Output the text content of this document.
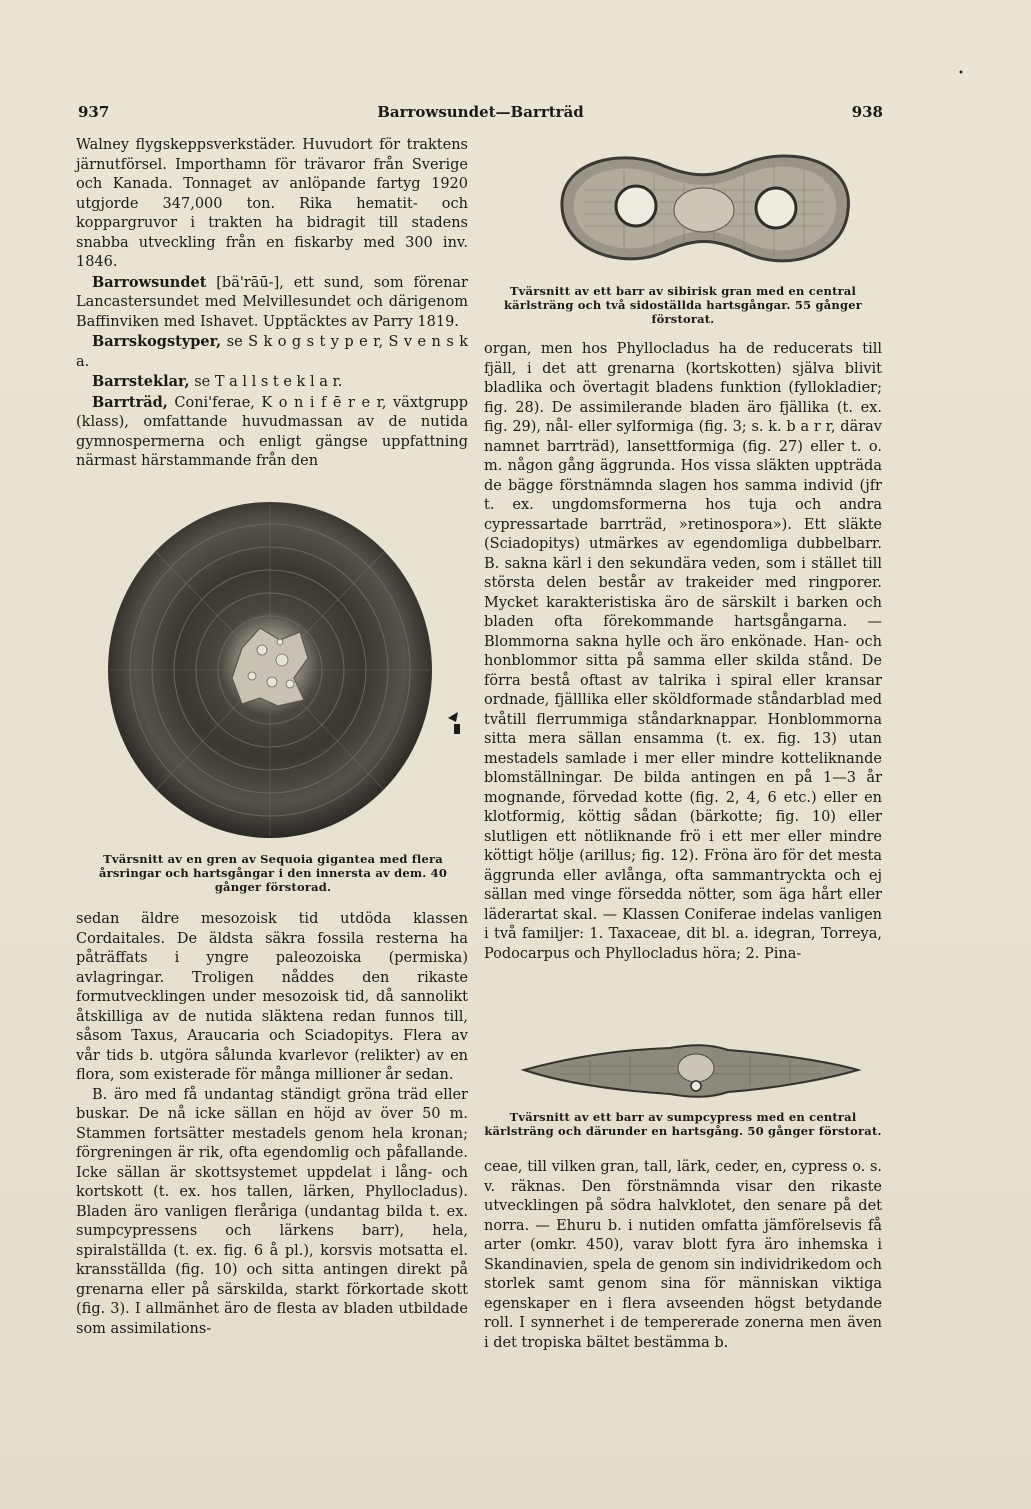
937	Barrowsundet—Barrträd	938

Walney flygskeppsverkstäder. Huvudort för traktens järnutförsel. Importhamn för trävaror från Sverige och Kanada. Tonnaget av anlöpande fartyg 1920 utgjorde 347,000 ton. Rika hematit- och koppargruvor i trakten ha bidragit till stadens snabba utveckling från en fiskarby med 300 inv. 1846.

Barrowsundet [bä'rāū-], ett sund, som förenar Lancastersundet med Melvillesundet och därigenom Baffinviken med Ishavet. Upptäcktes av Parry 1819.

Barrskogstyper, se S k o g s t y p e r, S v e n s k a.

Barrsteklar, se T a l l s t e k l a r.

Barrträd, Coni'ferae, K o n i f ē r e r, växtgrupp (klass), omfattande huvudmassan av de nutida gymnospermerna och enligt gängse uppfattning närmast härstammande från den

Tvärsnitt av en gren av Sequoia gigantea med flera årsringar och hartsgångar i den innersta av dem. 40 gånger förstorad.

sedan äldre mesozoisk tid utdöda klassen Cordaitales. De äldsta säkra fossila resterna ha påträffats i yngre paleozoiska (permiska) avlagringar. Troligen nåddes den rikaste formutvecklingen under mesozoisk tid, då sannolikt åtskilliga av de nutida släktena redan funnos till, såsom Taxus, Araucaria och Sciadopitys. Flera av vår tids b. utgöra sålunda kvarlevor (relikter) av en flora, som existerade för många millioner år sedan.

B. äro med få undantag ständigt gröna träd eller buskar. De nå icke sällan en höjd av över 50 m. Stammen fortsätter mestadels genom hela kronan; förgreningen är rik, ofta egendomlig och påfallande. Icke sällan är skottsystemet uppdelat i lång- och kortskott (t. ex. hos tallen, lärken, Phyllocladus). Bladen äro vanligen fleråriga (undantag bilda t. ex. sumpcypressens och lärkens barr), hela, spiralställda (t. ex. fig. 6 å pl.), korsvis motsatta el. kransställda (fig. 10) och sitta antingen direkt på grenarna eller på särskilda, starkt förkortade skott (fig. 3). I allmänhet äro de flesta av bladen utbildade som assimilations-

Tvärsnitt av ett barr av sibirisk gran med en central kärlsträng och två sidoställda hartsgångar. 55 gånger förstorat.

organ, men hos Phyllocladus ha de reducerats till fjäll, i det att grenarna (kortskotten) själva blivit bladlika och övertagit bladens funktion (fyllokladier; fig. 28). De assimilerande bladen äro fjällika (t. ex. fig. 29), nål- eller sylformiga (fig. 3; s. k. b a r r, därav namnet barrträd), lansettformiga (fig. 27) eller t. o. m. någon gång äggrunda. Hos vissa släkten uppträda de bägge förstnämnda slagen hos samma individ (jfr t. ex. ungdomsformerna hos tuja och andra cypressartade barrträd, »retinospora»). Ett släkte (Sciadopitys) utmärkes av egendomliga dubbelbarr. B. sakna kärl i den sekundära veden, som i stället till största delen består av trakeider med ringporer. Mycket karakteristiska äro de särskilt i barken och bladen ofta förekommande hartsgångarna. — Blommorna sakna hylle och äro enkönade. Han- och honblommor sitta på samma eller skilda stånd. De förra bestå oftast av talrika i spiral eller kransar ordnade, fjälllika eller sköldformade ståndarblad med tvåtill flerrummiga ståndarknappar. Honblommorna sitta mera sällan ensamma (t. ex. fig. 13) utan mestadels samlade i mer eller mindre kotteliknande blomställningar. De bilda antingen en på 1—3 år mognande, förvedad kotte (fig. 2, 4, 6 etc.) eller en klotformig, köttig sådan (bärkotte; fig. 10) eller slutligen ett nötliknande frö i ett mer eller mindre köttigt hölje (arillus; fig. 12). Fröna äro för det mesta äggrunda eller avlånga, ofta sammantryckta och ej sällan med vinge försedda nötter, som äga hårt eller läderartat skal. — Klassen Coniferae indelas vanligen i två familjer: 1. Taxaceae, dit bl. a. idegran, Torreya, Podocarpus och Phyllocladus höra; 2. Pina-

Tvärsnitt av ett barr av sumpcypress med en central kärlsträng och därunder en hartsgång. 50 gånger förstorat.

ceae, till vilken gran, tall, lärk, ceder, en, cypress o. s. v. räknas. Den förstnämnda visar den rikaste utvecklingen på södra halvklotet, den senare på det norra. — Ehuru b. i nutiden omfatta jämförelsevis få arter (omkr. 450), varav blott fyra äro inhemska i Skandinavien, spela de genom sin individrikedom och storlek samt genom sina för människan viktiga egenskaper en i flera avseenden högst betydande roll. I synnerhet i de tempererade zonerna men även i det tropiska bältet bestämma b.

•
